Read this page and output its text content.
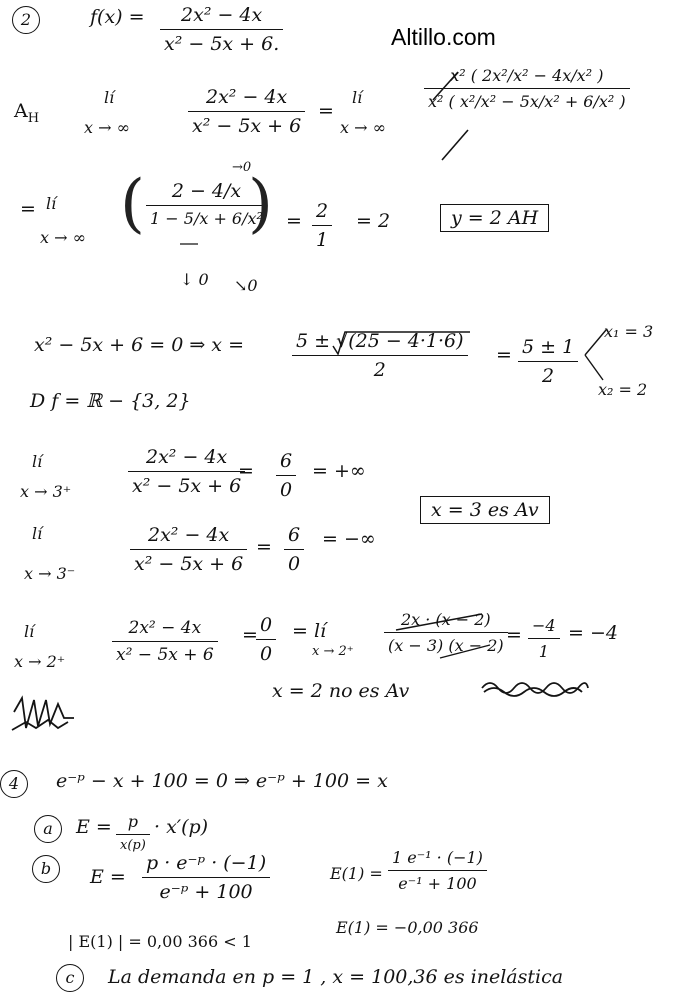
Altillo.com
2	f(x) = 2x² − 4x
x² − 5x + 6.
$A_H$
lí
x → ∞
2x² − 4x
x² − 5x + 6
=
lí
x → ∞
x² ( 2x²/x² − 4x/x² )
x² ( x²/x² − 5x/x² + 6/x² )
= lí
x → ∞ (	→0
2 − 4/x
1 − 5/x + 6/x²
)
↓ 0 ↘0
= 2
1
= 2	y = 2 AH
x² − 5x + 6 = 0 ⇒ x =	5 ± √(25 − 4·1·6)
2
= 5 ± 1
2
x₁ = 3
x₂ = 2
D f = ℝ − {3, 2}
lí
x → 3⁺
2x² − 4x
x² − 5x + 6
= 6
0
= +∞
lí
x → 3⁻
2x² − 4x
x² − 5x + 6
=
6
0
= −∞
x = 3 es Av
lí
x → 2⁺
2x² − 4x
x² − 5x + 6
= 0
0
= lí
x → 2⁺
2x · (x − 2)
(x − 3) (x − 2) = −4
1
= −4
x = 2 no es Av
4	e⁻ᵖ − x + 100 = 0 ⇒ e⁻ᵖ + 100 = x
a	E = p
x(p)
· x′(p)
b	E =
p · e⁻ᵖ · (−1)
e⁻ᵖ + 100
E(1) =
1 e⁻¹ · (−1)
e⁻¹ + 100
| E(1) | = 0,00 366 < 1
E(1) = −0,00 366
c	La demanda en p = 1 , x = 100,36 es inelástica
